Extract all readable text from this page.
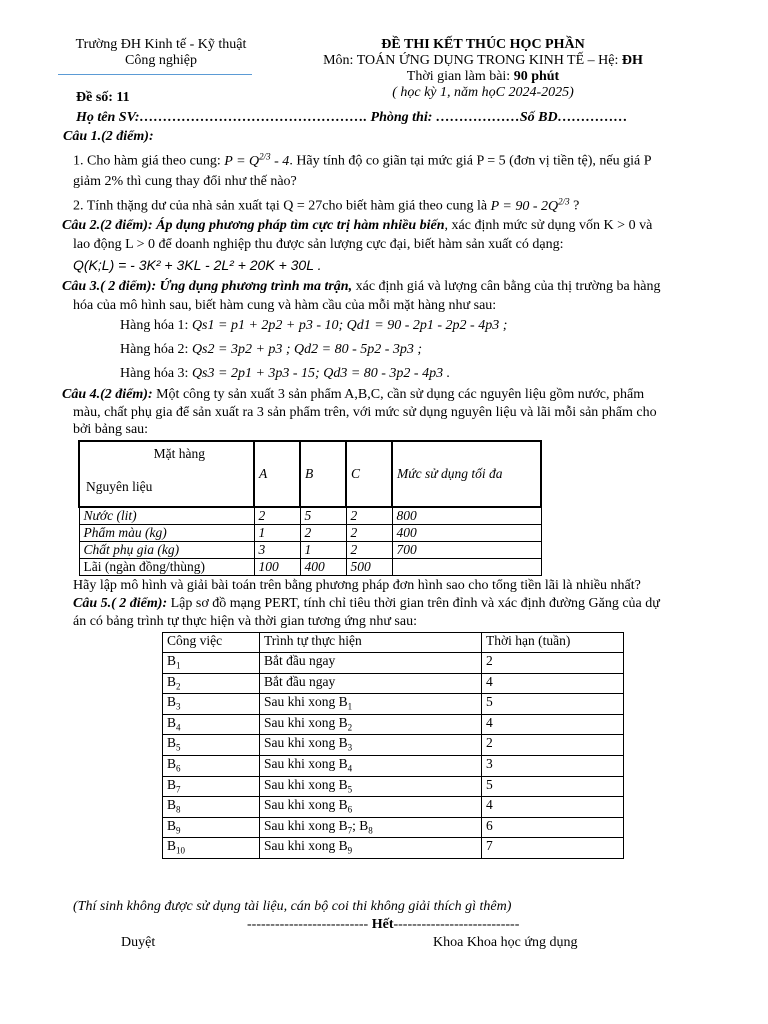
Trường ĐH Kinh tế - Kỹ thuật
Công nghiệp
ĐỀ THI KẾT THÚC HỌC PHẦN
Môn: TOÁN ỨNG DỤNG TRONG KINH TẾ – Hệ: ĐH
Thời gian làm bài: 90 phút
( học kỳ 1, năm họC 2024-2025)
Đề số: 11
Họ tên SV:…………………………………………. Phòng thi: ………………Số BD……………
Câu 1.(2 điểm):
1. Cho hàm giá theo cung: $P = Q^{2/3} - 4$. Hãy tính độ co giãn tại mức giá P = 5 (đơn vị tiền tệ), nếu giá P
giảm 2% thì cung thay đổi như thế nào?
2. Tính thặng dư của nhà sản xuất tại Q = 27cho biết hàm giá theo cung là $P = 90 - 2Q^{2/3}$ ?
Câu 2.(2 điểm): Áp dụng phương pháp tìm cực trị hàm nhiều biến, xác định mức sử dụng vốn K > 0 và
lao động L > 0 để doanh nghiệp thu được sản lượng cực đại, biết hàm sản xuất có dạng:
Q(K;L) = - 3K² + 3KL - 2L² + 20K + 30L .
Câu 3.( 2 điểm): Ứng dụng phương trình ma trận, xác định giá và lượng cân bằng của thị trường ba hàng
hóa của mô hình sau, biết hàm cung và hàm cầu của mỗi mặt hàng như sau:
Hàng hóa 1: Qs1 = p1 + 2p2 + p3 - 10; Qd1 = 90 - 2p1 - 2p2 - 4p3 ;
Hàng hóa 2: Qs2 = 3p2 + p3 ; Qd2 = 80 - 5p2 - 3p3 ;
Hàng hóa 3: Qs3 = 2p1 + 3p3 - 15; Qd3 = 80 - 3p2 - 4p3 .
Câu 4.(2 điểm): Một công ty sản xuất 3 sản phẩm A,B,C, cần sử dụng các nguyên liệu gồm nước, phẩm
màu, chất phụ gia để sản xuất ra 3 sản phẩm trên, với mức sử dụng nguyên liệu và lãi mỗi sản phẩm cho
bởi bảng sau:
Mặt hàng
Nguyên liệu	A	B	C	Mức sử dụng tối đa
Nước (lit)	2	5	2	800
Phẩm màu (kg)	1	2	2	400
Chất phụ gia (kg)	3	1	2	700
Lãi (ngàn đồng/thùng)	100	400	500	
Hãy lập mô hình và giải bài toán trên bằng phương pháp đơn hình sao cho tổng tiền lãi là nhiều nhất?
Câu 5.( 2 điểm): Lập sơ đồ mạng PERT, tính chỉ tiêu thời gian trên đỉnh và xác định đường Găng của dự
án có bảng trình tự thực hiện và thời gian tương ứng như sau:
Công việc	Trình tự thực hiện	Thời hạn (tuần)
$B_1$	Bắt đầu ngay	2
$B_2$	Bắt đầu ngay	4
$B_3$	Sau khi xong $B_1$	5
$B_4$	Sau khi xong $B_2$	4
$B_5$	Sau khi xong $B_3$	2
$B_6$	Sau khi xong $B_4$	3
$B_7$	Sau khi xong $B_5$	5
$B_8$	Sau khi xong $B_6$	4
$B_9$	Sau khi xong $B_7$; $B_8$	6
$B_{10}$	Sau khi xong $B_9$	7
(Thí sinh không được sử dụng tài liệu, cán bộ coi thi không giải thích gì thêm)
-------------------------- Hết---------------------------
Duyệt	Khoa Khoa học ứng dụng
